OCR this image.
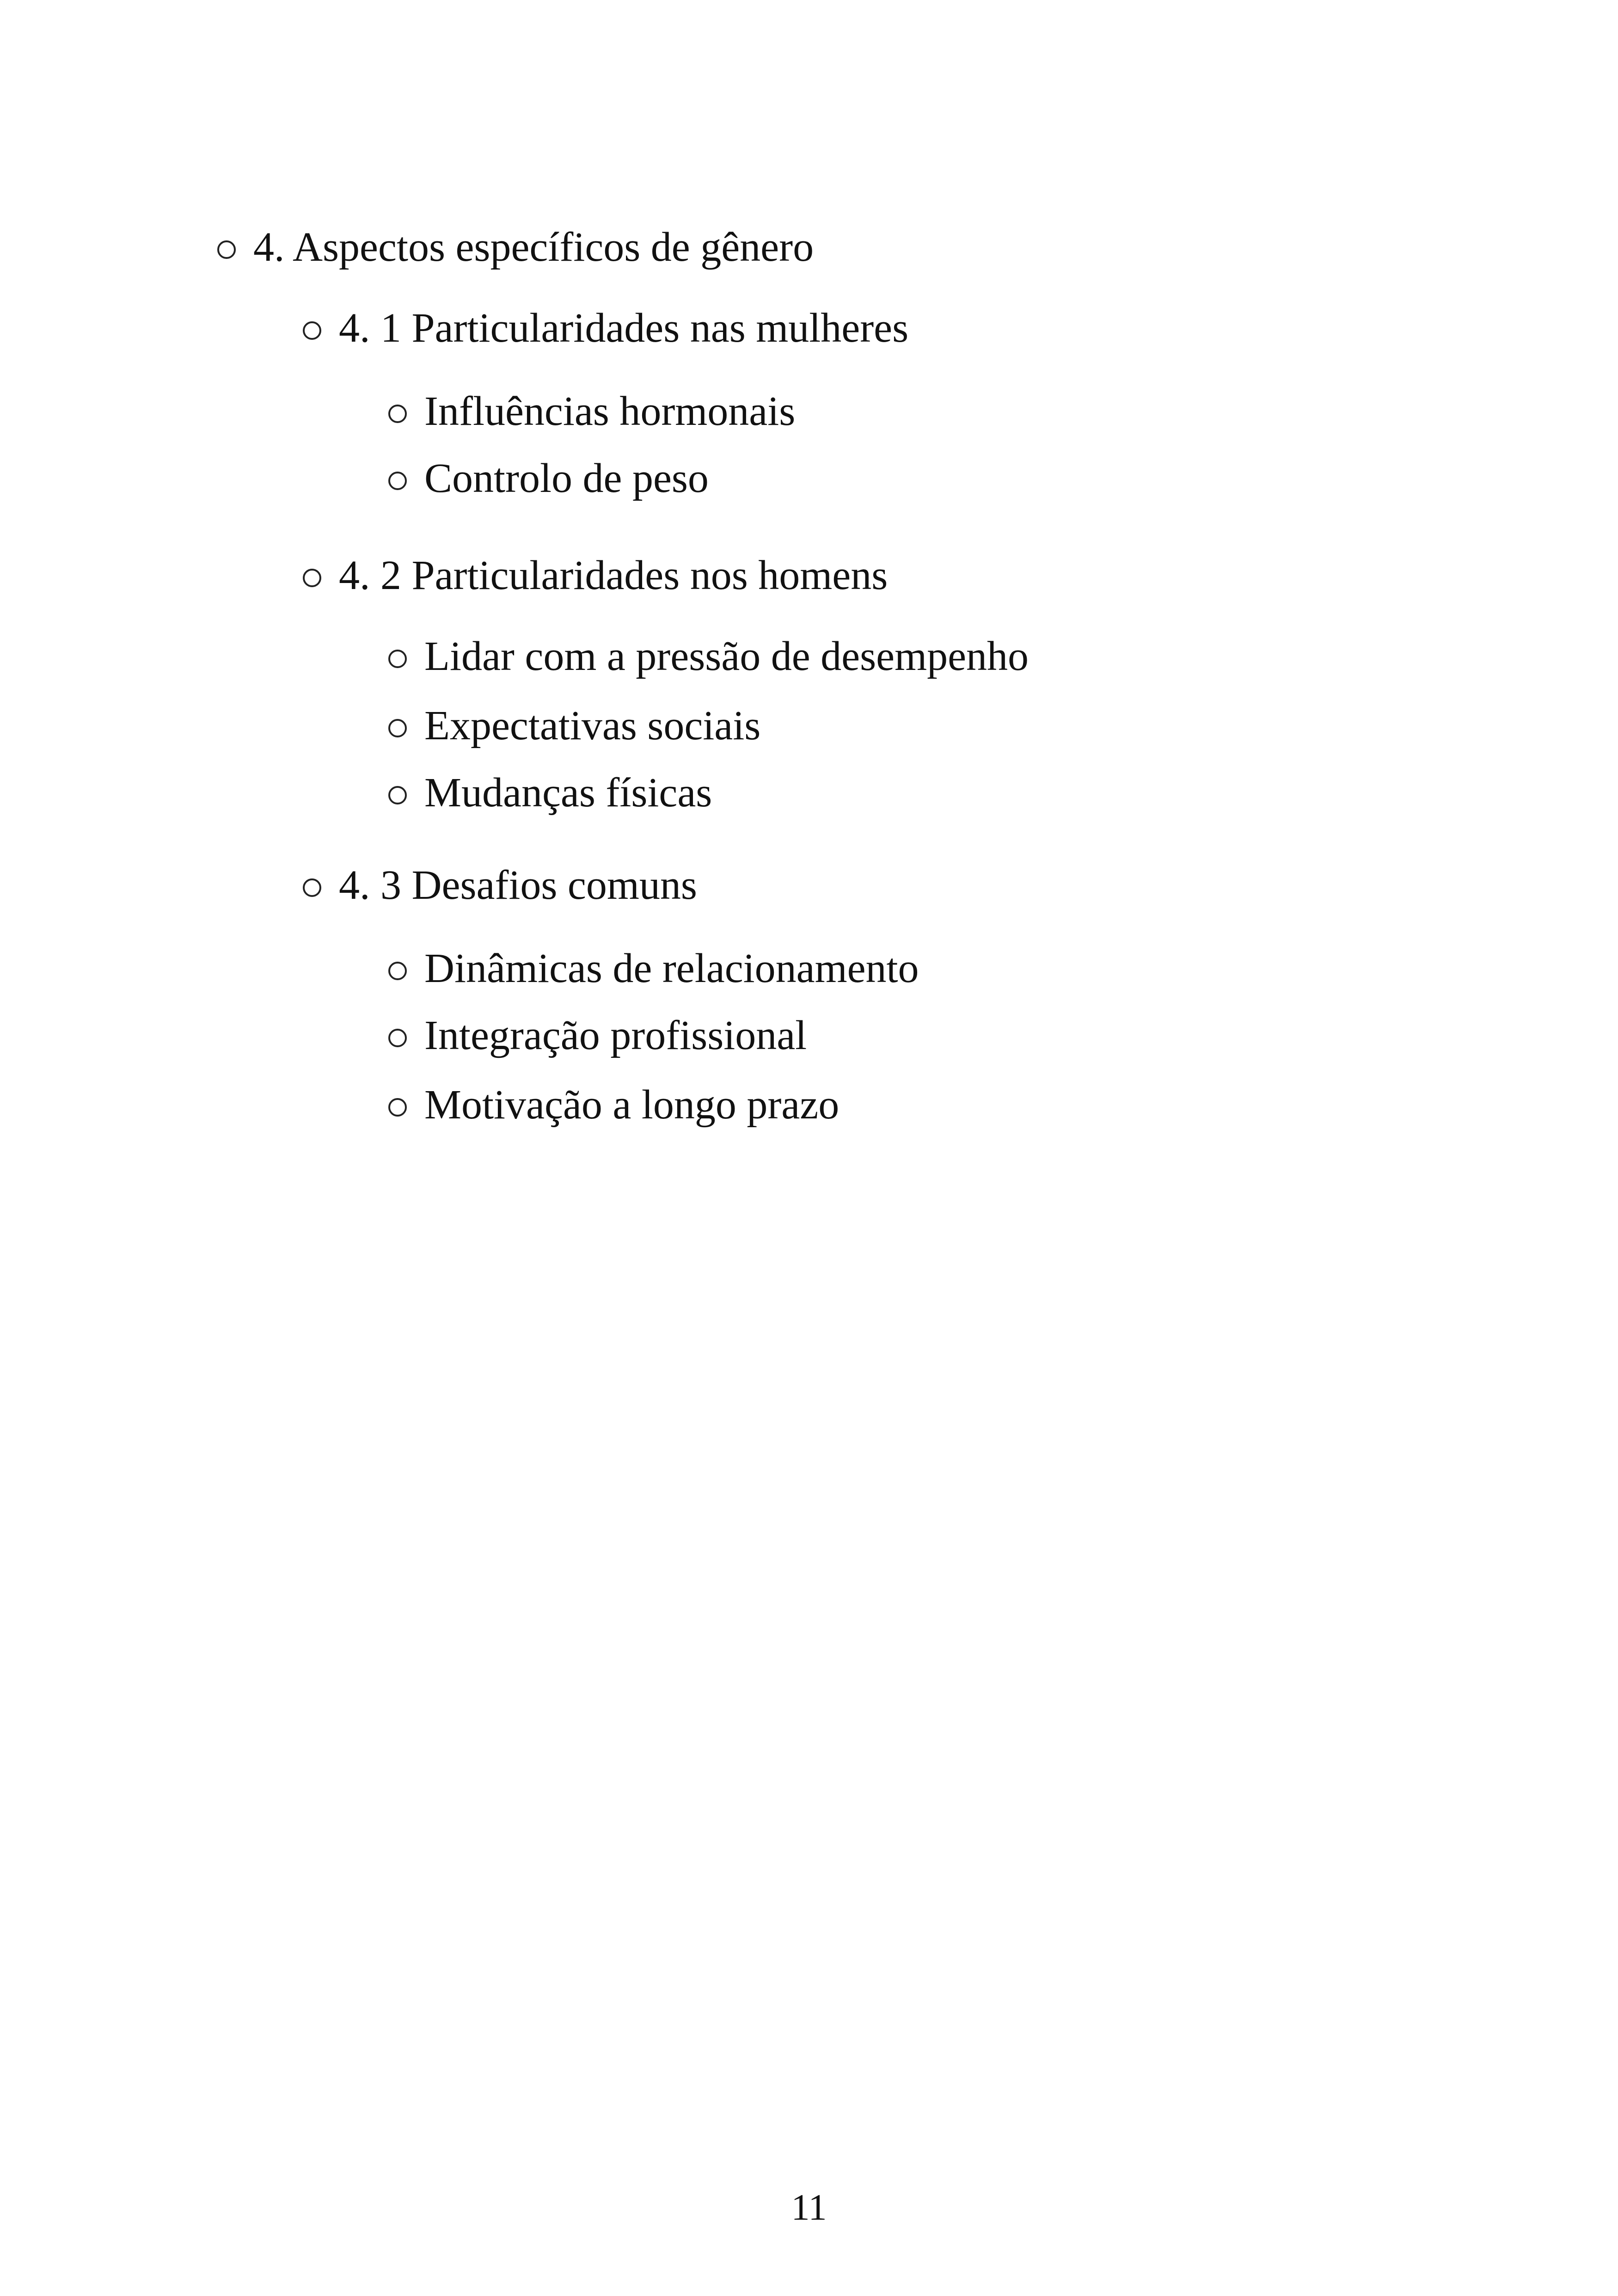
4. Aspectos específicos de gênero
4. 1 Particularidades nas mulheres
Influências hormonais
Controlo de peso
4. 2 Particularidades nos homens
Lidar com a pressão de desempenho
Expectativas sociais
Mudanças físicas
4. 3 Desafios comuns
Dinâmicas de relacionamento
Integração profissional
Motivação a longo prazo
11
